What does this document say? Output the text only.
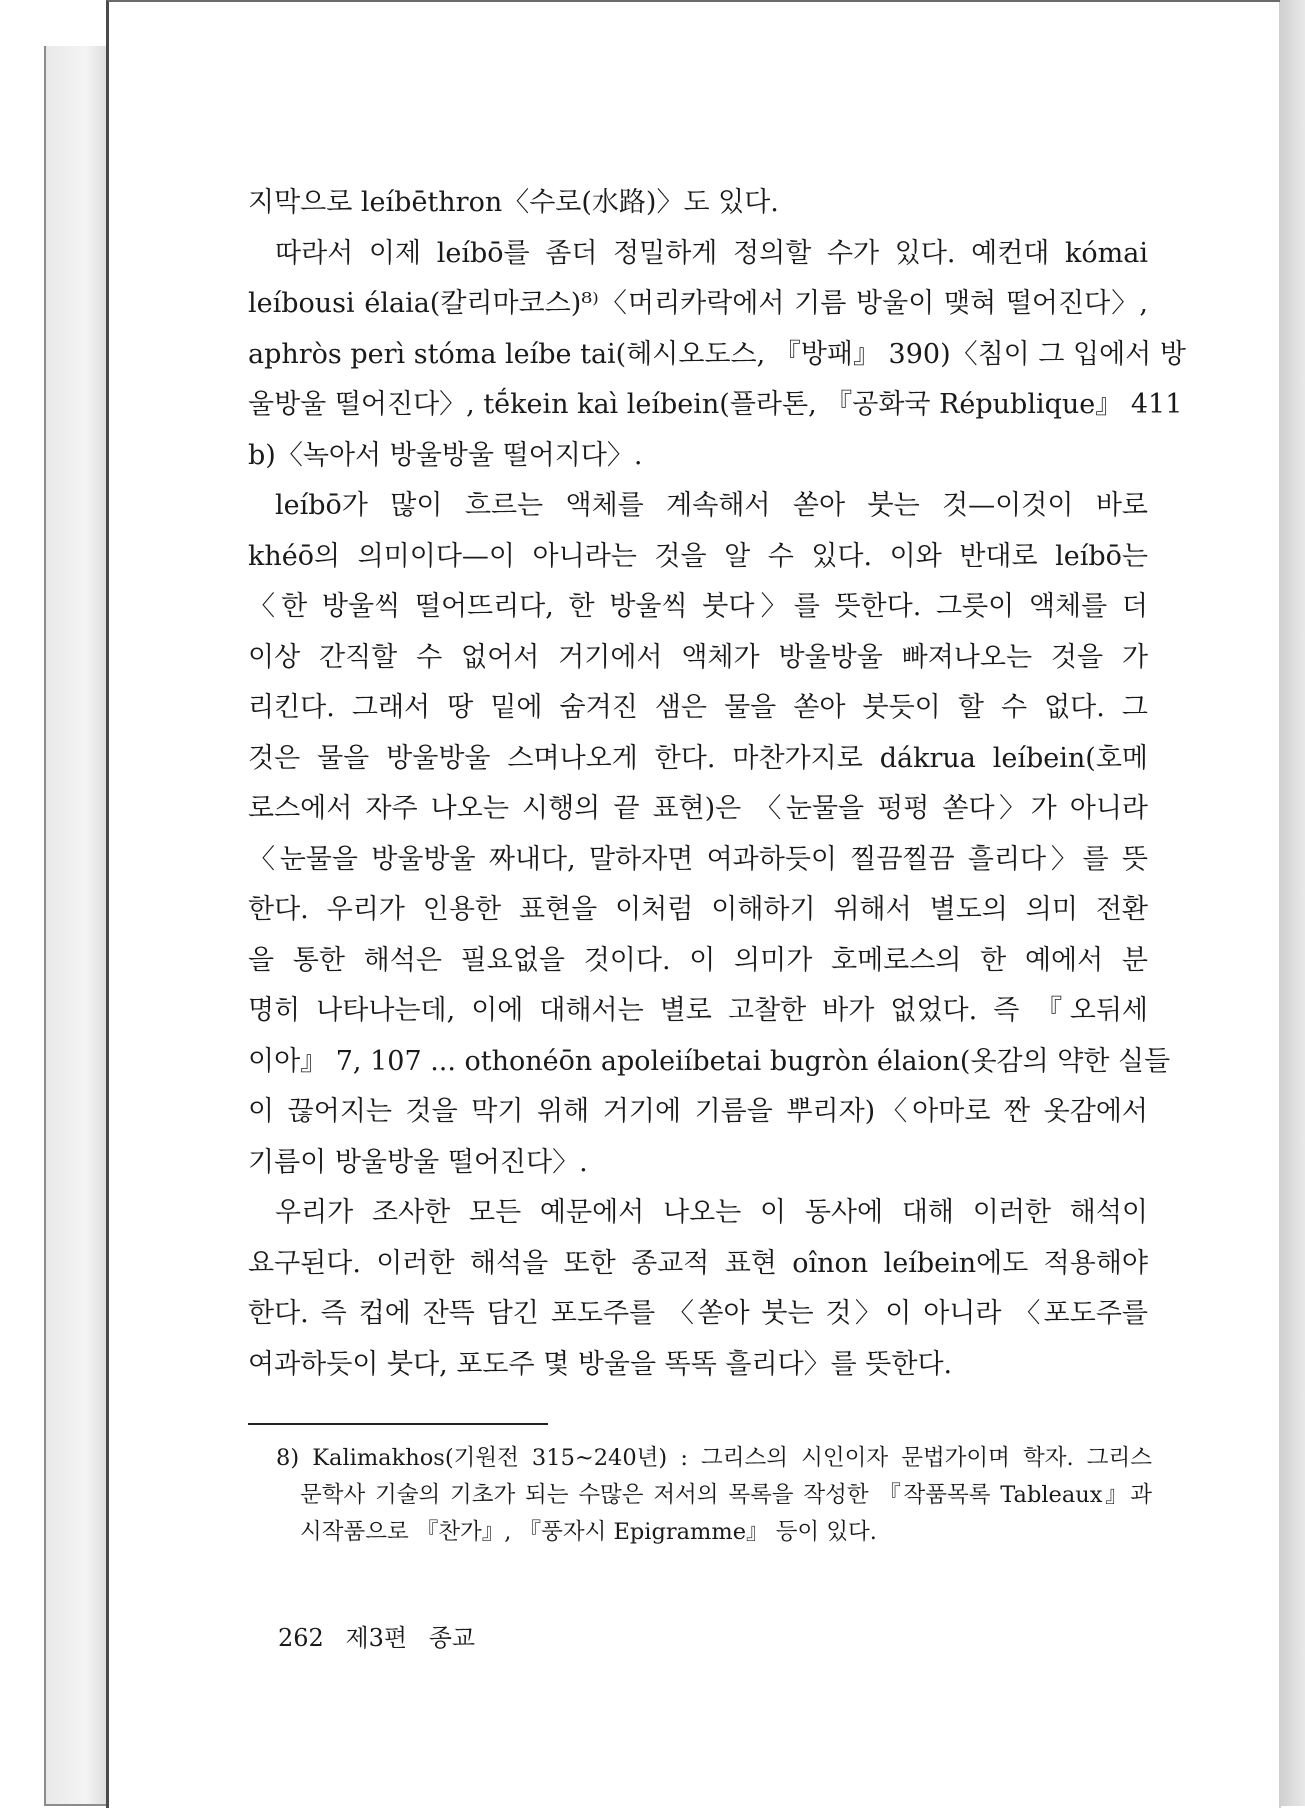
지막으로 leíbēthron〈수로(水路)〉도 있다.
따라서 이제 leíbō를 좀더 정밀하게 정의할 수가 있다. 예컨대 kómai
leíbousi élaia(칼리마코스)⁸⁾〈머리카락에서 기름 방울이 맺혀 떨어진다〉,
aphròs perì stóma leíbe tai(헤시오도스, 『방패』 390)〈침이 그 입에서 방
울방울 떨어진다〉, tḗkein kaì leíbein(플라톤, 『공화국 République』 411
b)〈녹아서 방울방울 떨어지다〉.
leíbō가 많이 흐르는 액체를 계속해서 쏟아 붓는 것—이것이 바로
khéō의 의미이다—이 아니라는 것을 알 수 있다. 이와 반대로 leíbō는
〈한 방울씩 떨어뜨리다, 한 방울씩 붓다〉를 뜻한다. 그릇이 액체를 더
이상 간직할 수 없어서 거기에서 액체가 방울방울 빠져나오는 것을 가
리킨다. 그래서 땅 밑에 숨겨진 샘은 물을 쏟아 붓듯이 할 수 없다. 그
것은 물을 방울방울 스며나오게 한다. 마찬가지로 dákrua leíbein(호메
로스에서 자주 나오는 시행의 끝 표현)은 〈눈물을 펑펑 쏟다〉가 아니라
〈눈물을 방울방울 짜내다, 말하자면 여과하듯이 찔끔찔끔 흘리다〉를 뜻
한다. 우리가 인용한 표현을 이처럼 이해하기 위해서 별도의 의미 전환
을 통한 해석은 필요없을 것이다. 이 의미가 호메로스의 한 예에서 분
명히 나타나는데, 이에 대해서는 별로 고찰한 바가 없었다. 즉 『오뒤세
이아』 7, 107 ... othonéōn apoleiíbetai bugròn élaion(옷감의 약한 실들
이 끊어지는 것을 막기 위해 거기에 기름을 뿌리자)〈아마로 짠 옷감에서
기름이 방울방울 떨어진다〉.
우리가 조사한 모든 예문에서 나오는 이 동사에 대해 이러한 해석이
요구된다. 이러한 해석을 또한 종교적 표현 oînon leíbein에도 적용해야
한다. 즉 컵에 잔뜩 담긴 포도주를 〈쏟아 붓는 것〉이 아니라 〈포도주를
여과하듯이 붓다, 포도주 몇 방울을 똑똑 흘리다〉를 뜻한다.
8) Kalimakhos(기원전 315~240년) : 그리스의 시인이자 문법가이며 학자. 그리스
문학사 기술의 기초가 되는 수많은 저서의 목록을 작성한 『작품목록 Tableaux』과
시작품으로 『찬가』, 『풍자시 Epigramme』 등이 있다.
262 제3편 종교
